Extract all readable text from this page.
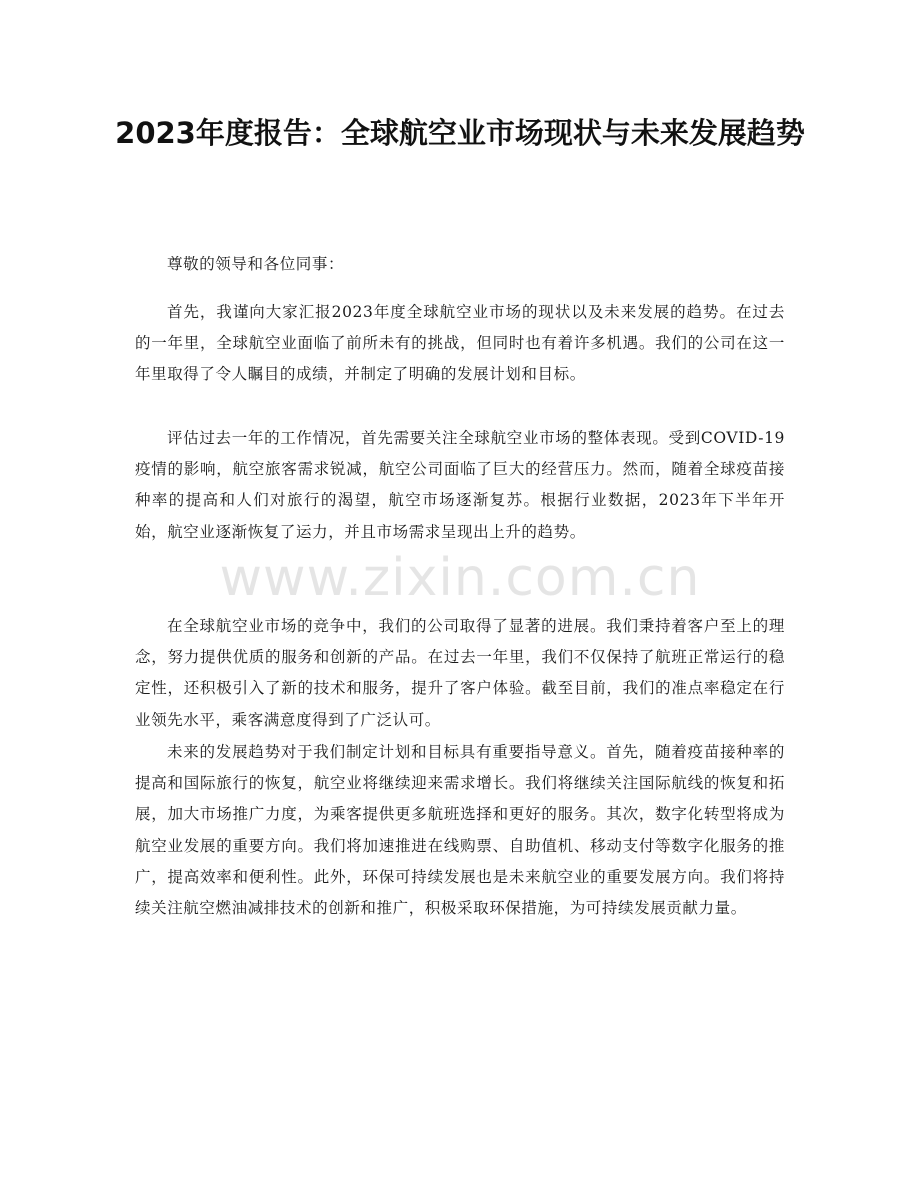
2023年度报告：全球航空业市场现状与未来发展趋势

尊敬的领导和各位同事：

首先，我谨向大家汇报2023年度全球航空业市场的现状以及未来发展的趋势。在过去的一年里，全球航空业面临了前所未有的挑战，但同时也有着许多机遇。我们的公司在这一年里取得了令人瞩目的成绩，并制定了明确的发展计划和目标。

评估过去一年的工作情况，首先需要关注全球航空业市场的整体表现。受到COVID-19疫情的影响，航空旅客需求锐减，航空公司面临了巨大的经营压力。然而，随着全球疫苗接种率的提高和人们对旅行的渴望，航空市场逐渐复苏。根据行业数据，2023年下半年开始，航空业逐渐恢复了运力，并且市场需求呈现出上升的趋势。

在全球航空业市场的竞争中，我们的公司取得了显著的进展。我们秉持着客户至上的理念，努力提供优质的服务和创新的产品。在过去一年里，我们不仅保持了航班正常运行的稳定性，还积极引入了新的技术和服务，提升了客户体验。截至目前，我们的准点率稳定在行业领先水平，乘客满意度得到了广泛认可。

未来的发展趋势对于我们制定计划和目标具有重要指导意义。首先，随着疫苗接种率的提高和国际旅行的恢复，航空业将继续迎来需求增长。我们将继续关注国际航线的恢复和拓展，加大市场推广力度，为乘客提供更多航班选择和更好的服务。其次，数字化转型将成为航空业发展的重要方向。我们将加速推进在线购票、自助值机、移动支付等数字化服务的推广，提高效率和便利性。此外，环保可持续发展也是未来航空业的重要发展方向。我们将持续关注航空燃油减排技术的创新和推广，积极采取环保措施，为可持续发展贡献力量。

www.zixin.com.cn
